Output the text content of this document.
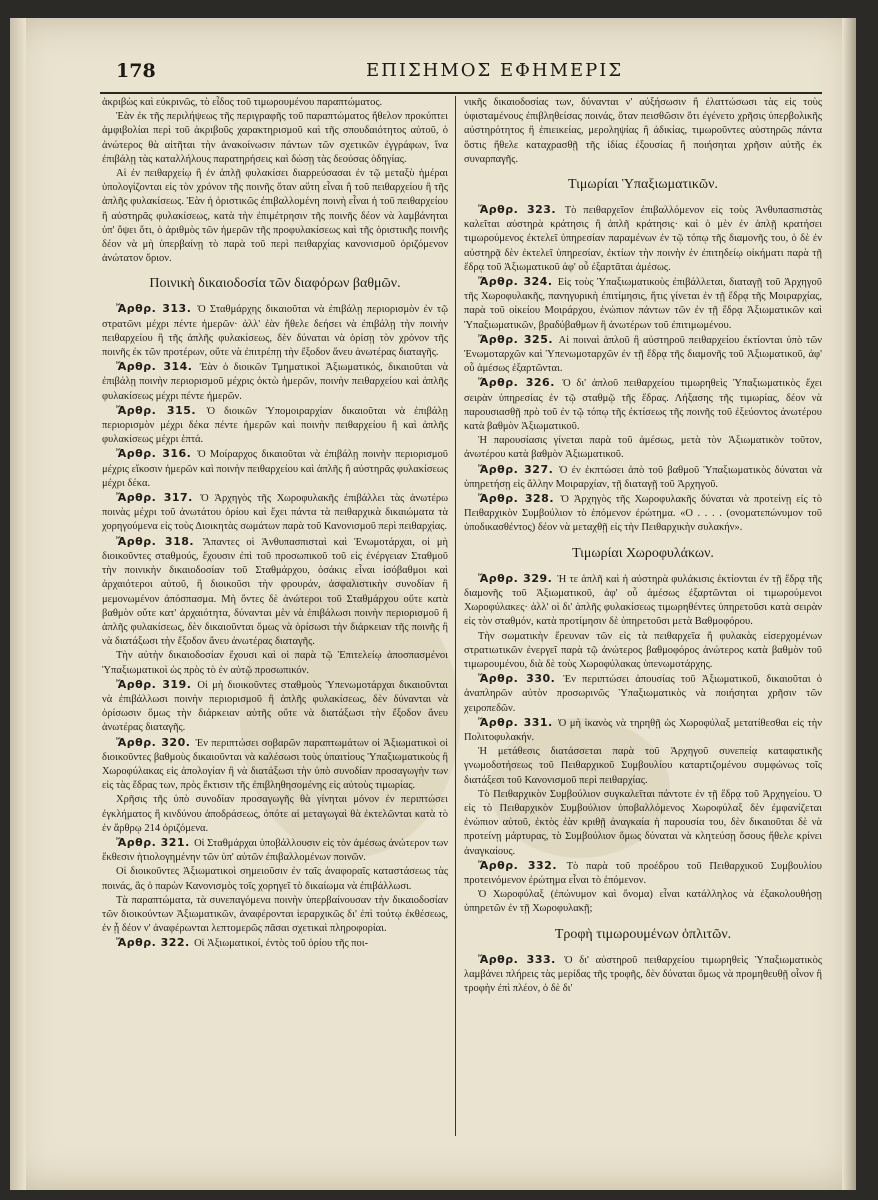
178	ΕΠΙΣΗΜΟΣ ΕΦΗΜΕΡΙΣ

ἀκριβὼς καὶ εὐκρινῶς, τὸ εἶδος τοῦ τιμωρουμένου παραπτώματος.

Ἐὰν ἐκ τῆς περιλήψεως τῆς περιγραφῆς τοῦ παραπτώματος ἤθελον προκύπτει ἀμφιβολίαι περὶ τοῦ ἀκριβοῦς χαρακτηρισμοῦ καὶ τῆς σπουδαιότητος αὐτοῦ, ὁ ἀνώτερος θὰ αἰτῆται τὴν ἀνακοίνωσιν πάντων τῶν σχετικῶν ἐγγράφων, ἵνα ἐπιβάλῃ τὰς καταλλήλους παρατηρήσεις καὶ δώσῃ τὰς δεούσας ὁδηγίας.

Αἱ ἐν πειθαρχείῳ ἢ ἐν ἁπλῇ φυλακίσει διαρρεύσασαι ἐν τῷ μεταξὺ ἡμέραι ὑπολογίζονται εἰς τὸν χρόνον τῆς ποινῆς ὅταν αὕτη εἶναι ἢ τοῦ πειθαρχείου ἢ τῆς ἁπλῆς φυλακίσεως. Ἐὰν ἡ ὁριστικῶς ἐπιβαλλομένη ποινὴ εἶναι ἡ τοῦ πειθαρχείου ἢ αὐστηρᾶς φυλακίσεως, κατὰ τὴν ἐπιμέτρησιν τῆς ποινῆς δέον νὰ λαμβάνηται ὑπ' ὄψει ὅτι, ὁ ἀριθμὸς τῶν ἡμερῶν τῆς προφυλακίσεως καὶ τῆς ὁριστικῆς ποινῆς δέον νὰ μὴ ὑπερβαίνῃ τὸ παρὰ τοῦ περὶ πειθαρχίας κανονισμοῦ ὁριζόμενον ἀνώτατον ὅριον.

Ποινικὴ δικαιοδοσία τῶν διαφόρων βαθμῶν.

Ἄρθρ. 313. Ὁ Σταθμάρχης δικαιοῦται νὰ ἐπιβάλῃ περιορισμὸν ἐν τῷ στρατῶνι μέχρι πέντε ἡμερῶν· ἀλλ' ἐὰν ἤθελε δεήσει νὰ ἐπιβάλῃ τὴν ποινὴν πειθαρχείου ἢ τῆς ἁπλῆς φυλακίσεως, δὲν δύναται νὰ ὁρίσῃ τὸν χρόνον τῆς ποινῆς ἐκ τῶν προτέρων, οὔτε νὰ ἐπιτρέπῃ τὴν ἔξοδον ἄνευ ἀνωτέρας διαταγῆς.

Ἄρθρ. 314. Ἐὰν ὁ διοικῶν Τμηματικοὶ Ἀξιωματικός, δικαιοῦται νὰ ἐπιβάλῃ ποινὴν περιορισμοῦ μέχρις ὀκτὼ ἡμερῶν, ποινὴν πειθαρχείου καὶ ἁπλῆς φυλακίσεως μέχρι πέντε ἡμερῶν.

Ἄρθρ. 315. Ὁ διοικῶν Ὑπομοιραρχίαν δικαιοῦται νὰ ἐπιβάλῃ περιορισμὸν μέχρι δέκα πέντε ἡμερῶν καὶ ποινὴν πειθαρχείου ἢ καὶ ἁπλῆς φυλακίσεως μέχρι ἑπτά.

Ἄρθρ. 316. Ὁ Μοίραρχος δικαιοῦται νὰ ἐπιβάλῃ ποινὴν περιορισμοῦ μέχρις εἴκοσιν ἡμερῶν καὶ ποινὴν πειθαρχείου καὶ ἁπλῆς ἢ αὐστηρᾶς φυλακίσεως μέχρι δέκα.

Ἄρθρ. 317. Ὁ Ἀρχηγὸς τῆς Χωροφυλακῆς ἐπιβάλλει τὰς ἀνωτέρω ποινὰς μέχρι τοῦ ἀνωτάτου ὁρίου καὶ ἔχει πάντα τὰ πειθαρχικὰ δικαιώματα τὰ χορηγούμενα εἰς τοὺς Διοικητὰς σωμάτων παρὰ τοῦ Κανονισμοῦ περὶ πειθαρχίας.

Ἄρθρ. 318. Ἅπαντες οἱ Ἀνθυπασπισταὶ καὶ Ἐνωμοτάρχαι, οἱ μὴ διοικοῦντες σταθμούς, ἔχουσιν ἐπὶ τοῦ προσωπικοῦ τοῦ εἰς ἐνέργειαν Σταθμοῦ τὴν ποινικὴν δικαιοδοσίαν τοῦ Σταθμάρχου, ὁσάκις εἶναι ἰσόβαθμοι καὶ ἀρχαιότεροι αὐτοῦ, ἢ διοικοῦσι τὴν φρουράν, ἀσφαλιστικὴν συνοδίαν ἢ μεμονωμένον ἀπόσπασμα. Μὴ ὄντες δὲ ἀνώτεροι τοῦ Σταθμάρχου οὔτε κατὰ βαθμὸν οὔτε κατ' ἀρχαιότητα, δύνανται μὲν νὰ ἐπιβάλωσι ποινὴν περιορισμοῦ ἢ ἁπλῆς φυλακίσεως, δὲν δικαιοῦνται ὅμως νὰ ὁρίσωσι τὴν διάρκειαν τῆς ποινῆς ἢ νὰ διατάξωσι τὴν ἔξοδον ἄνευ ἀνωτέρας διαταγῆς.

Τὴν αὐτὴν δικαιοδοσίαν ἔχουσι καὶ οἱ παρὰ τῷ Ἐπιτελείῳ ἀποσπασμένοι Ὑπαξιωματικοὶ ὡς πρὸς τὸ ἐν αὐτῷ προσωπικόν.

Ἄρθρ. 319. Οἱ μὴ διοικοῦντες σταθμοὺς Ὑπενωμοτάρχαι δικαιοῦνται νὰ ἐπιβάλλωσι ποινὴν περιορισμοῦ ἢ ἁπλῆς φυλακίσεως, δὲν δύνανται νὰ ὁρίσωσιν ὅμως τὴν διάρκειαν αὐτῆς οὔτε νὰ διατάξωσι τὴν ἔξοδον ἄνευ ἀνωτέρας διαταγῆς.

Ἄρθρ. 320. Ἐν περιπτώσει σοβαρῶν παραπτωμάτων οἱ Ἀξιωματικοὶ οἱ διοικοῦντες βαθμοὺς δικαιοῦνται νὰ καλέσωσι τοὺς ὑπαιτίους Ὑπαξιωματικοὺς ἢ Χωροφύλακας εἰς ἀπολογίαν ἢ νὰ διατάξωσι τὴν ὑπὸ συνοδίαν προσαγωγὴν των εἰς τὰς ἕδρας των, πρὸς ἔκτισιν τῆς ἐπιβληθησομένης εἰς αὐτοὺς τιμωρίας.

Χρῆσις τῆς ὑπὸ συνοδίαν προσαγωγῆς θὰ γίνηται μόνον ἐν περιπτώσει ἐγκλήματος ἢ κινδύνου ἀποδράσεως, ὁπότε αἱ μεταγωγαὶ θὰ ἐκτελῶνται κατὰ τὸ ἐν ἄρθρῳ 214 ὁριζόμενα.

Ἄρθρ. 321. Οἱ Σταθμάρχαι ὑποβάλλουσιν εἰς τὸν ἀμέσως ἀνώτερον των ἔκθεσιν ἡτιολογημένην τῶν ὑπ' αὐτῶν ἐπιβαλλομένων ποινῶν.

Οἱ διοικοῦντες Ἀξιωματικοὶ σημειοῦσιν ἐν ταῖς ἀναφοραῖς καταστάσεως τὰς ποινάς, ἃς ὁ παρὼν Κανονισμὸς τοῖς χορηγεῖ τὸ δικαίωμα νὰ ἐπιβάλλωσι.

Τὰ παραπτώματα, τὰ συνεπαγόμενα ποινὴν ὑπερβαίνουσαν τὴν δικαιοδοσίαν τῶν διοικούντων Ἀξιωματικῶν, ἀναφέρονται ἱεραρχικῶς δι' ἐπὶ τούτῳ ἐκθέσεως, ἐν ᾗ δέον ν' ἀναφέρωνται λεπτομερῶς πᾶσαι σχετικαὶ πληροφορίαι.

Ἄρθρ. 322. Οἱ Ἀξιωματικοί, ἐντὸς τοῦ ὁρίου τῆς ποι-

νικῆς δικαιοδοσίας των, δύνανται ν' αὐξήσωσιν ἢ ἐλαττώσωσι τὰς εἰς τοὺς ὑφισταμένους ἐπιβληθείσας ποινάς, ὅταν πεισθῶσιν ὅτι ἐγένετο χρῆσις ὑπερβολικῆς αὐστηρότητος ἢ ἐπιεικείας, μεροληψίας ἢ ἀδικίας, τιμωροῦντες αὐστηρῶς πάντα ὅστις ἤθελε καταχρασθῇ τῆς ἰδίας ἐξουσίας ἢ ποιήσηται χρῆσιν αὐτῆς ἐκ συναρπαγῆς.

Τιμωρίαι Ὑπαξιωματικῶν.

Ἄρθρ. 323. Τὸ πειθαρχεῖον ἐπιβαλλόμενον εἰς τοὺς Ἀνθυπασπιστὰς καλεῖται αὐστηρὰ κράτησις ἢ ἁπλῆ κράτησις· καὶ ὁ μὲν ἐν ἁπλῇ κρατήσει τιμωρούμενος ἐκτελεῖ ὑπηρεσίαν παραμένων ἐν τῷ τόπῳ τῆς διαμονῆς του, ὁ δὲ ἐν αὐστηρᾷ δὲν ἐκτελεῖ ὑπηρεσίαν, ἐκτίων τὴν ποινὴν ἐν ἐπιτηδείῳ οἰκήματι παρὰ τῇ ἕδρᾳ τοῦ Ἀξιωματικοῦ ἀφ' οὗ ἐξαρτᾶται ἀμέσως.

Ἄρθρ. 324. Εἰς τοὺς Ὑπαξιωματικοὺς ἐπιβάλλεται, διαταγῇ τοῦ Ἀρχηγοῦ τῆς Χωροφυλακῆς, πανηγυρικὴ ἐπιτίμησις, ἥτις γίνεται ἐν τῇ ἕδρᾳ τῆς Μοιραρχίας, παρὰ τοῦ οἰκείου Μοιράρχου, ἐνώπιον πάντων τῶν ἐν τῇ ἕδρᾳ Ἀξιωματικῶν καὶ Ὑπαξιωματικῶν, βραδύβαθμων ἢ ἀνωτέρων τοῦ ἐπιτιμωμένου.

Ἄρθρ. 325. Αἱ ποιναὶ ἁπλοῦ ἢ αὐστηροῦ πειθαρχείου ἐκτίονται ὑπὸ τῶν Ἐνωμοταρχῶν καὶ Ὑπενωμοταρχῶν ἐν τῇ ἕδρᾳ τῆς διαμονῆς τοῦ Ἀξιωματικοῦ, ἀφ' οὗ ἀμέσως ἐξαρτῶνται.

Ἄρθρ. 326. Ὁ δι' ἁπλοῦ πειθαρχείου τιμωρηθεὶς Ὑπαξιωματικὸς ἔχει σειρὰν ὑπηρεσίας ἐν τῷ σταθμῷ τῆς ἕδρας. Λήξασης τῆς τιμωρίας, δέον νὰ παρουσιασθῇ πρὸ τοῦ ἐν τῷ τόπῳ τῆς ἐκτίσεως τῆς ποινῆς τοῦ ἐξεύοντος ἀνωτέρου κατὰ βαθμὸν Ἀξιωματικοῦ.

Ἡ παρουσίασις γίνεται παρὰ τοῦ ἀμέσως, μετὰ τὸν Ἀξιωματικὸν τοῦτον, ἀνωτέρου κατὰ βαθμὸν Ἀξιωματικοῦ.

Ἄρθρ. 327. Ὁ ἐν ἐκπτώσει ἀπὸ τοῦ βαθμοῦ Ὑπαξιωματικὸς δύναται νὰ ὑπηρετήσῃ εἰς ἄλλην Μοιραρχίαν, τῇ διαταγῇ τοῦ Ἀρχηγοῦ.

Ἄρθρ. 328. Ὁ Ἀρχηγὸς τῆς Χωροφυλακῆς δύναται νὰ προτείνῃ εἰς τὸ Πειθαρχικὸν Συμβούλιον τὸ ἑπόμενον ἐρώτημα. «Ο . . . . (ονοματεπώνυμον τοῦ ὑποδικασθέντος) δέον νὰ μεταχθῇ εἰς τὴν Πειθαρχικὴν συλακήν».

Τιμωρίαι Χωροφυλάκων.

Ἄρθρ. 329. Ἡ τε ἁπλῆ καὶ ἡ αὐστηρὰ φυλάκισις ἐκτίονται ἐν τῇ ἕδρᾳ τῆς διαμονῆς τοῦ Ἀξιωματικοῦ, ἀφ' οὗ ἀμέσως ἐξαρτῶνται οἱ τιμωρούμενοι Χωροφύλακες· ἀλλ' οἱ δι' ἁπλῆς φυλακίσεως τιμωρηθέντες ὑπηρετοῦσι κατὰ σειρὰν εἰς τὸν σταθμόν, κατὰ προτίμησιν δὲ ὑπηρετοῦσι μετὰ Βαθμοφόρου.

Τὴν σωματικὴν ἔρευναν τῶν εἰς τὰ πειθαρχεῖα ἢ φυλακὰς εἰσερχομένων στρατιωτικῶν ἐνεργεῖ παρὰ τῷ ἀνώτερος βαθμοφόρος ἀνώτερος κατὰ βαθμὸν τοῦ τιμωρουμένου, διὰ δὲ τοὺς Χωροφύλακας ὑπενωμοτάρχης.

Ἄρθρ. 330. Ἐν περιπτώσει ἀπουσίας τοῦ Ἀξιωματικοῦ, δικαιοῦται ὁ ἀναπληρῶν αὐτὸν προσωρινῶς Ὑπαξιωματικὸς νὰ ποιήσηται χρῆσιν τῶν χειροπεδῶν.

Ἄρθρ. 331. Ὁ μὴ ἱκανὸς νὰ τηρηθῇ ὡς Χωροφύλαξ μετατίθεσθαι εἰς τὴν Πολιτοφυλακήν.

Ἡ μετάθεσις διατάσσεται παρὰ τοῦ Ἀρχηγοῦ συνεπείᾳ καταφατικῆς γνωμοδοτήσεως τοῦ Πειθαρχικοῦ Συμβουλίου καταρτιζομένου συμφώνως τοῖς διατάξεσι τοῦ Κανονισμοῦ περὶ πειθαρχίας.

Τὸ Πειθαρχικὸν Συμβούλιον συγκαλεῖται πάντοτε ἐν τῇ ἕδρᾳ τοῦ Ἀρχηγείου. Ὁ εἰς τὸ Πειθαρχικὸν Συμβούλιον ὑποβαλλόμενος Χωροφύλαξ δὲν ἐμφανίζεται ἐνώπιον αὐτοῦ, ἐκτὸς ἐὰν κριθῇ ἀναγκαία ἡ παρουσία του, δὲν δικαιοῦται δὲ νὰ προτείνῃ μάρτυρας, τὸ Συμβούλιον ὅμως δύναται νὰ κλητεύσῃ ὅσους ἤθελε κρίνει ἀναγκαίους.

Ἄρθρ. 332. Τὸ παρὰ τοῦ προέδρου τοῦ Πειθαρχικοῦ Συμβουλίου προτεινόμενον ἐρώτημα εἶναι τὸ ἑπόμενον.

Ὁ Χωροφύλαξ (ἐπώνυμον καὶ ὄνομα) εἶναι κατάλληλος νὰ ἐξακολουθήσῃ ὑπηρετῶν ἐν τῇ Χωροφυλακῇ;

Τροφὴ τιμωρουμένων ὁπλιτῶν.

Ἄρθρ. 333. Ὁ δι' αὐστηροῦ πειθαρχείου τιμωρηθεὶς Ὑπαξιωματικὸς λαμβάνει πλήρεις τὰς μερίδας τῆς τροφῆς, δὲν δύναται ὅμως νὰ προμηθευθῇ οἶνον ἢ τροφὴν ἐπὶ πλέον, ὁ δὲ δι'
